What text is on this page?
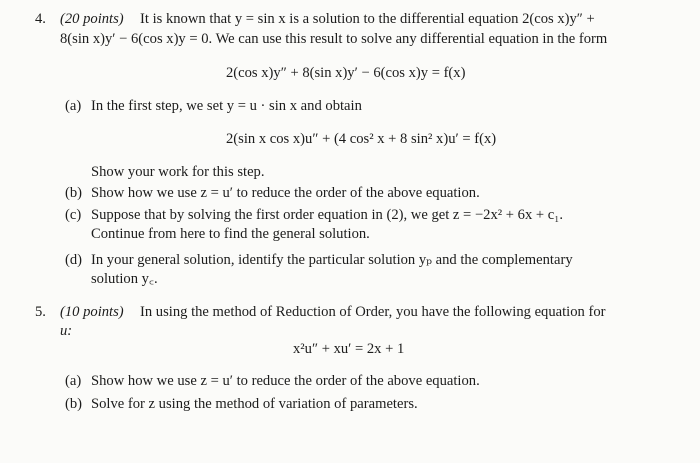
4. (20 points) It is known that y = sin x is a solution to the differential equation 2(cos x)y″ +
8(sin x)y′ − 6(cos x)y = 0. We can use this result to solve any differential equation in the form
2(cos x)y″ + 8(sin x)y′ − 6(cos x)y = f(x)
(a) In the first step, we set y = u · sin x and obtain
2(sin x cos x)u″ + (4 cos² x + 8 sin² x)u′ = f(x)
Show your work for this step.
(b) Show how we use z = u′ to reduce the order of the above equation.
(c) Suppose that by solving the first order equation in (2), we get z = −2x² + 6x + c₁.
Continue from here to find the general solution.
(d) In your general solution, identify the particular solution yₚ and the complementary
solution y꜀.
5. (10 points) In using the method of Reduction of Order, you have the following equation for
u:
x²u″ + xu′ = 2x + 1
(a) Show how we use z = u′ to reduce the order of the above equation.
(b) Solve for z using the method of variation of parameters.
